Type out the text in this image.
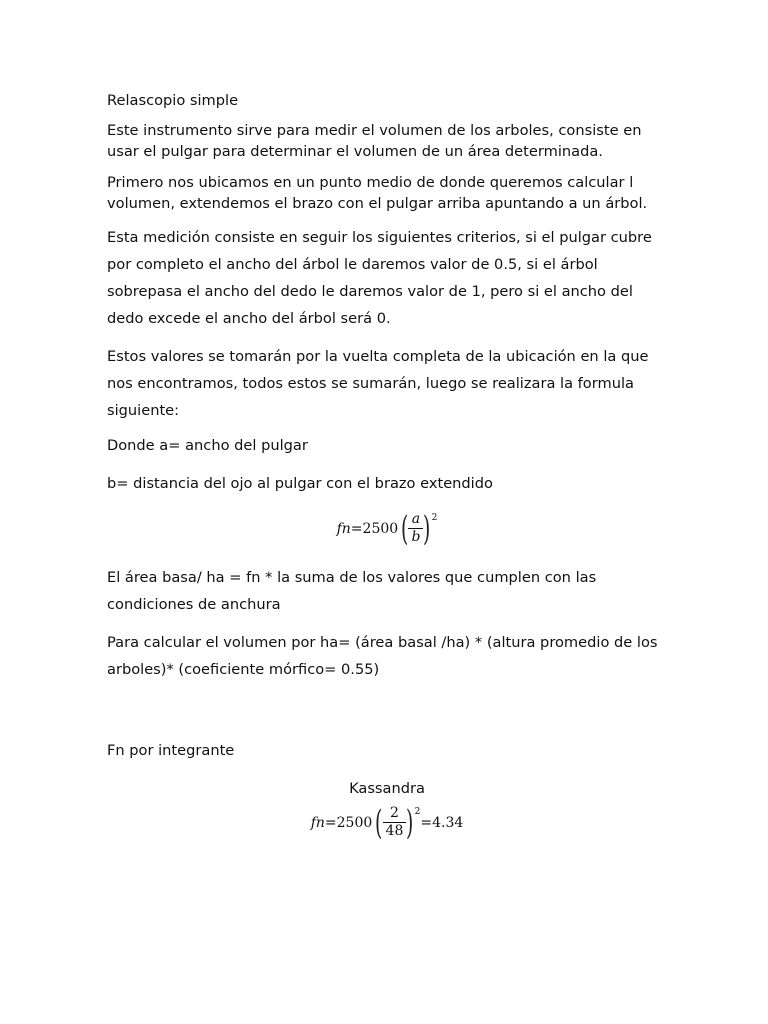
Relascopio simple

Este instrumento sirve para medir el volumen de los arboles, consiste en usar el pulgar para determinar el volumen de un área determinada.

Primero nos ubicamos en un punto medio de donde queremos calcular l volumen, extendemos el brazo con el pulgar arriba apuntando a un árbol.

Esta medición consiste en seguir los siguientes criterios, si el pulgar cubre por completo el ancho del árbol le daremos valor de 0.5, si el árbol sobrepasa el ancho del dedo le daremos valor de 1, pero si el ancho del dedo excede el ancho del árbol será 0.

Estos valores se tomarán por la vuelta completa de la ubicación en la que nos encontramos, todos estos se sumarán, luego se realizara la formula siguiente:

Donde a= ancho del pulgar

b= distancia del ojo al pulgar con el brazo extendido

fn = 2500 ( $\frac{a}{b}$ ) 2

El área basa/ ha = fn * la suma de los valores que cumplen con las condiciones de anchura

Para calcular el volumen por ha= (área basal /ha) * (altura promedio de los arboles)* (coeficiente mórfico= 0.55)

Fn por integrante

Kassandra

fn = 2500 ( $\frac{2}{48}$ ) 2
= 4.34
